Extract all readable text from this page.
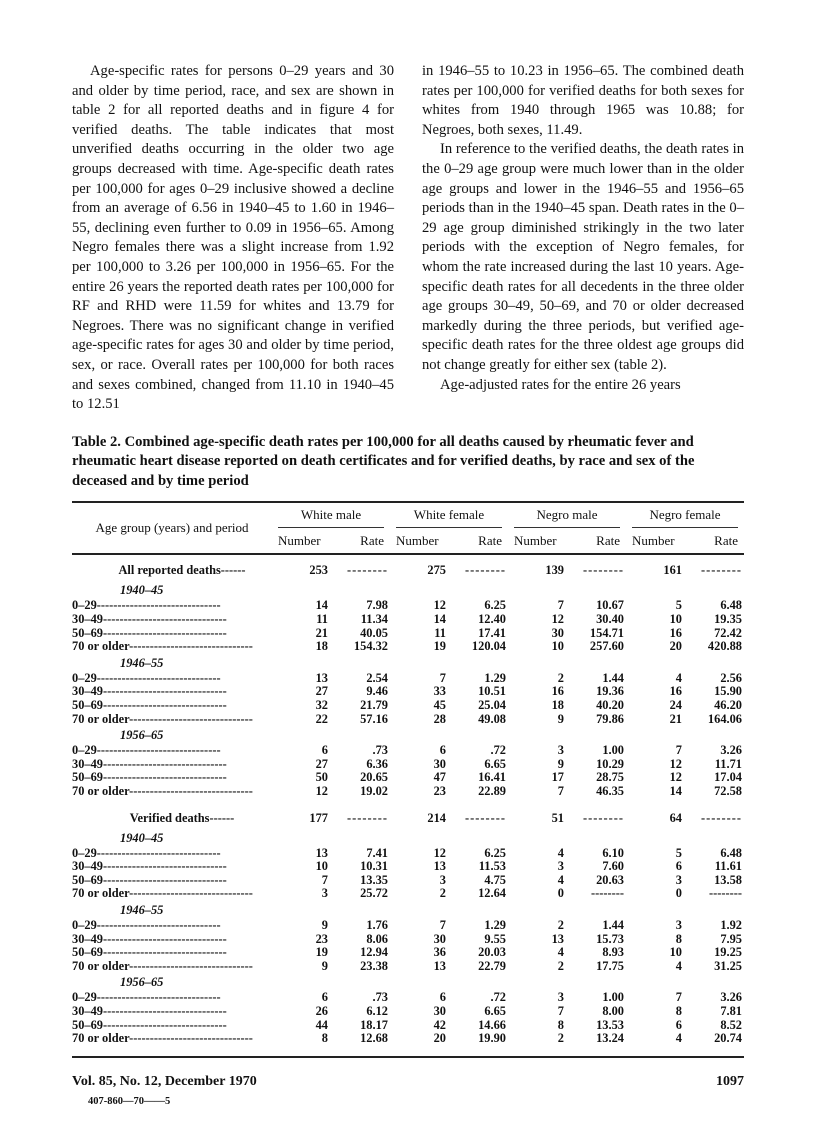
Age-specific rates for persons 0–29 years and 30 and older by time period, race, and sex are shown in table 2 for all reported deaths and in figure 4 for verified deaths. The table indicates that most unverified deaths occurring in the older two age groups decreased with time. Age-specific death rates per 100,000 for ages 0–29 inclusive showed a decline from an average of 6.56 in 1940–45 to 1.60 in 1946–55, declining even further to 0.09 in 1956–65. Among Negro females there was a slight increase from 1.92 per 100,000 to 3.26 per 100,000 in 1956–65. For the entire 26 years the reported death rates per 100,000 for RF and RHD were 11.59 for whites and 13.79 for Negroes. There was no significant change in verified age-specific rates for ages 30 and older by time period, sex, or race. Overall rates per 100,000 for both races and sexes combined, changed from 11.10 in 1940–45 to 12.51

in 1946–55 to 10.23 in 1956–65. The combined death rates per 100,000 for verified deaths for both sexes for whites from 1940 through 1965 was 10.88; for Negroes, both sexes, 11.49.

In reference to the verified deaths, the death rates in the 0–29 age group were much lower than in the older age groups and lower in the 1946–55 and 1956–65 periods than in the 1940–45 span. Death rates in the 0–29 age group diminished strikingly in the two later periods with the exception of Negro females, for whom the rate increased during the last 10 years. Age-specific death rates for all decedents in the three older age groups 30–49, 50–69, and 70 or older decreased markedly during the three periods, but verified age-specific death rates for the three oldest age groups did not change greatly for either sex (table 2).

Age-adjusted rates for the entire 26 years

Table 2. Combined age-specific death rates per 100,000 for all deaths caused by rheumatic fever and rheumatic heart disease reported on death certificates and for verified deaths, by race and sex of the deceased and by time period
Age group (years) and period
White male
Number	Rate
White female
Number	Rate
Negro male
Number	Rate
Negro female
Number	Rate
All reported deaths------	253	--------	275	--------	139	--------	161	--------
1940–45
0–29------------------------------	14	7.98	12	6.25	7	10.67	5	6.48
30–49------------------------------	11	11.34	14	12.40	12	30.40	10	19.35
50–69------------------------------	21	40.05	11	17.41	30	154.71	16	72.42
70 or older------------------------------	18	154.32	19	120.04	10	257.60	20	420.88
1946–55
0–29------------------------------	13	2.54	7	1.29	2	1.44	4	2.56
30–49------------------------------	27	9.46	33	10.51	16	19.36	16	15.90
50–69------------------------------	32	21.79	45	25.04	18	40.20	24	46.20
70 or older------------------------------	22	57.16	28	49.08	9	79.86	21	164.06
1956–65
0–29------------------------------	6	.73	6	.72	3	1.00	7	3.26
30–49------------------------------	27	6.36	30	6.65	9	10.29	12	11.71
50–69------------------------------	50	20.65	47	16.41	17	28.75	12	17.04
70 or older------------------------------	12	19.02	23	22.89	7	46.35	14	72.58
Verified deaths------	177	--------	214	--------	51	--------	64	--------
1940–45
0–29------------------------------	13	7.41	12	6.25	4	6.10	5	6.48
30–49------------------------------	10	10.31	13	11.53	3	7.60	6	11.61
50–69------------------------------	7	13.35	3	4.75	4	20.63	3	13.58
70 or older------------------------------	3	25.72	2	12.64	0	--------	0	--------
1946–55
0–29------------------------------	9	1.76	7	1.29	2	1.44	3	1.92
30–49------------------------------	23	8.06	30	9.55	13	15.73	8	7.95
50–69------------------------------	19	12.94	36	20.03	4	8.93	10	19.25
70 or older------------------------------	9	23.38	13	22.79	2	17.75	4	31.25
1956–65
0–29------------------------------	6	.73	6	.72	3	1.00	7	3.26
30–49------------------------------	26	6.12	30	6.65	7	8.00	8	7.81
50–69------------------------------	44	18.17	42	14.66	8	13.53	6	8.52
70 or older------------------------------	8	12.68	20	19.90	2	13.24	4	20.74
Vol. 85, No. 12, December 1970	1097
407-860—70——5
